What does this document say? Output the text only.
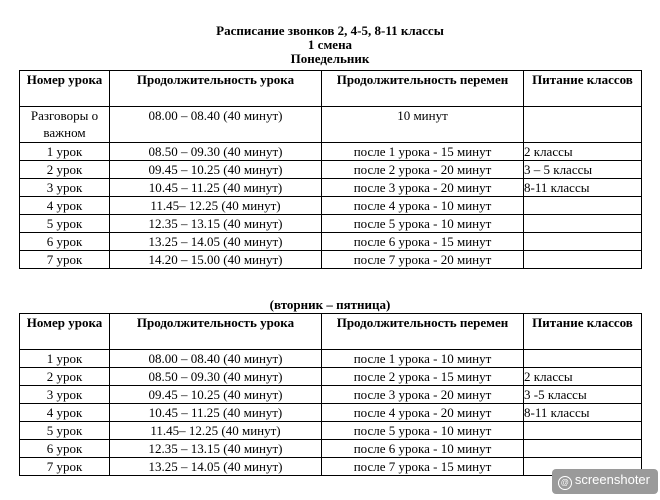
Расписание звонков 2, 4-5, 8-11 классы
1 смена
Понедельник
Номер урока	Продолжительность урока	Продолжительность перемен	Питание классов
Разговоры о важном	08.00 – 08.40 (40 минут)	10 минут	
1 урок	08.50 – 09.30 (40 минут)	после 1 урока - 15 минут	2 классы
2 урок	09.45 – 10.25 (40 минут)	после 2 урока - 20 минут	3 – 5 классы
3 урок	10.45 – 11.25 (40 минут)	после 3 урока - 20 минут	8-11 классы
4 урок	11.45– 12.25 (40 минут)	после 4 урока - 10 минут	
5 урок	12.35 – 13.15 (40 минут)	после 5 урока - 10 минут	
6 урок	13.25 – 14.05 (40 минут)	после 6 урока - 15 минут	
7 урок	14.20 – 15.00 (40 минут)	после 7 урока - 20 минут	
(вторник – пятница)
Номер урока	Продолжительность урока	Продолжительность перемен	Питание классов
1 урок	08.00 – 08.40 (40 минут)	после 1 урока - 10 минут	
2 урок	08.50 – 09.30 (40 минут)	после 2 урока - 15 минут	2 классы
3 урок	09.45 – 10.25 (40 минут)	после 3 урока - 20 минут	3 -5 классы
4 урок	10.45 – 11.25 (40 минут)	после 4 урока - 20 минут	8-11 классы
5 урок	11.45– 12.25 (40 минут)	после 5 урока - 10 минут	
6 урок	12.35 – 13.15 (40 минут)	после 6 урока - 10 минут	
7 урок	13.25 – 14.05 (40 минут)	после 7 урока - 15 минут	
@ screenshoter
